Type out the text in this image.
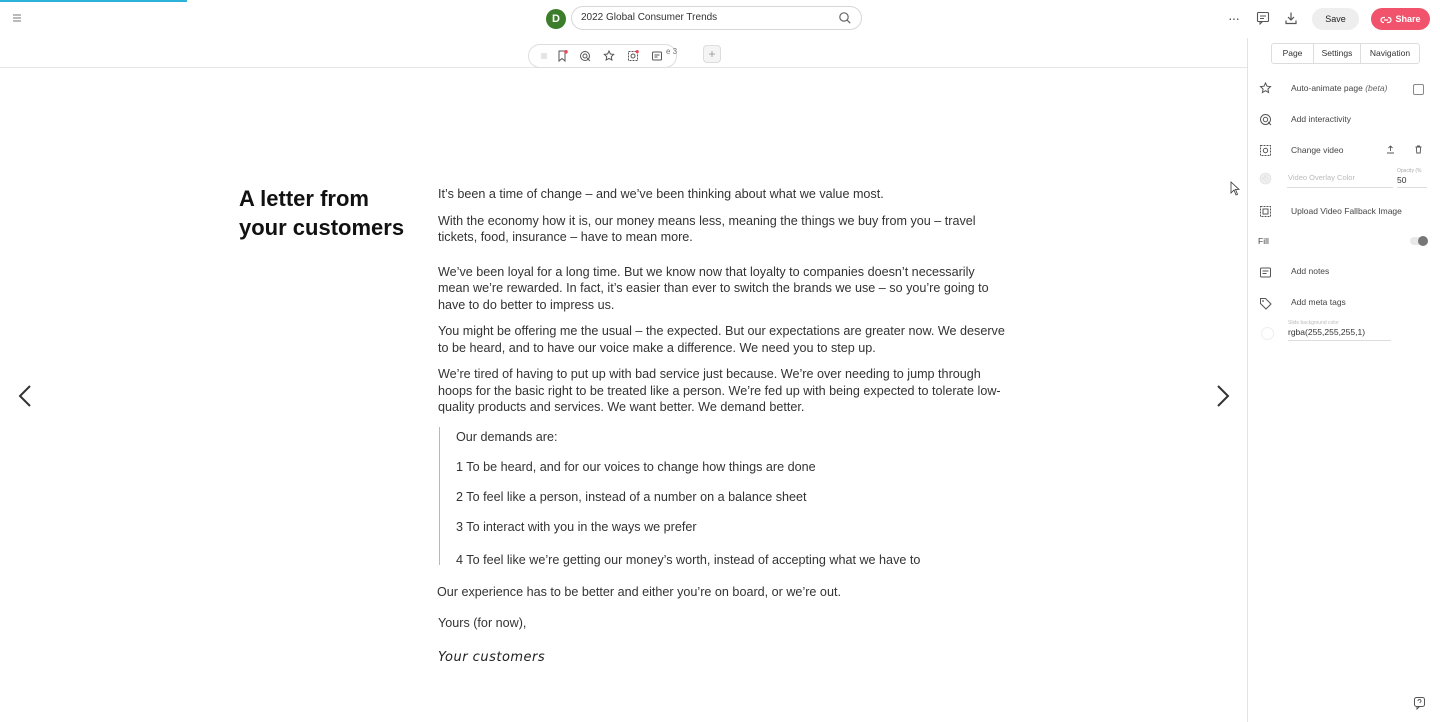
D	2022 Global Consumer Trends	···	Save	Share
e 3	+
A letter from your customers

It’s been a time of change – and we’ve been thinking about what we value most.

With the economy how it is, our money means less, meaning the things we buy from you – travel tickets, food, insurance – have to mean more.

We’ve been loyal for a long time. But we know now that loyalty to companies doesn’t necessarily mean we’re rewarded. In fact, it’s easier than ever to switch the brands we use – so you’re going to have to do better to impress us.

You might be offering me the usual – the expected. But our expectations are greater now. We deserve to be heard, and to have our voice make a difference. We need you to step up.

We’re tired of having to put up with bad service just because. We’re over needing to jump through hoops for the basic right to be treated like a person. We’re fed up with being expected to tolerate low-quality products and services. We want better. We demand better.

Our demands are:
1 To be heard, and for our voices to change how things are done
2 To feel like a person, instead of a number on a balance sheet
3 To interact with you in the ways we prefer
4 To feel like we’re getting our money’s worth, instead of accepting what we have to
Our experience has to be better and either you’re on board, or we’re out.
Yours (for now),
Your customers
Page	Settings	Navigation
Auto-animate page (beta)
Add interactivity
Change video
Video Overlay Color
Opacity (%
50
Upload Video Fallback Image
Fill
Add notes
Add meta tags
Slide background color
rgba(255,255,255,1)
